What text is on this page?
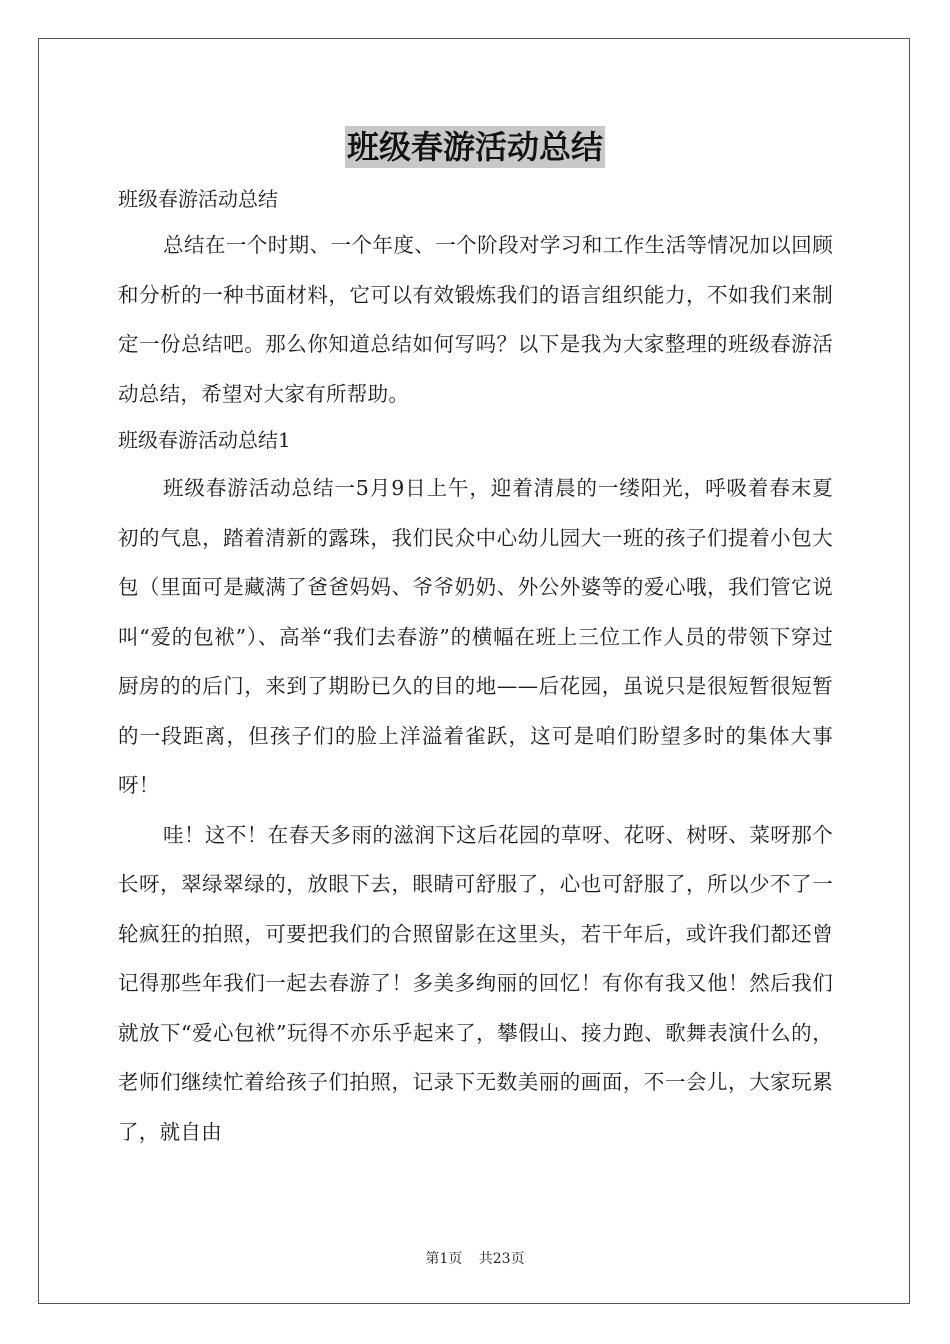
班级春游活动总结

班级春游活动总结

总结在一个时期、一个年度、一个阶段对学习和工作生活等情况加以回顾和分析的一种书面材料，它可以有效锻炼我们的语言组织能力，不如我们来制定一份总结吧。那么你知道总结如何写吗？以下是我为大家整理的班级春游活动总结，希望对大家有所帮助。

班级春游活动总结1

班级春游活动总结一5月9日上午，迎着清晨的一缕阳光，呼吸着春末夏初的气息，踏着清新的露珠，我们民众中心幼儿园大一班的孩子们提着小包大包（里面可是藏满了爸爸妈妈、爷爷奶奶、外公外婆等的爱心哦，我们管它说叫“爱的包袱”）、高举“我们去春游”的横幅在班上三位工作人员的带领下穿过厨房的的后门，来到了期盼已久的目的地——后花园，虽说只是很短暂很短暂的一段距离，但孩子们的脸上洋溢着雀跃，这可是咱们盼望多时的集体大事呀！

哇！这不！在春天多雨的滋润下这后花园的草呀、花呀、树呀、菜呀那个长呀，翠绿翠绿的，放眼下去，眼睛可舒服了，心也可舒服了，所以少不了一轮疯狂的拍照，可要把我们的合照留影在这里头，若干年后，或许我们都还曾记得那些年我们一起去春游了！多美多绚丽的回忆！有你有我又他！然后我们就放下“爱心包袱”玩得不亦乐乎起来了，攀假山、接力跑、歌舞表演什么的，老师们继续忙着给孩子们拍照，记录下无数美丽的画面，不一会儿，大家玩累了，就自由

第1页 共23页
